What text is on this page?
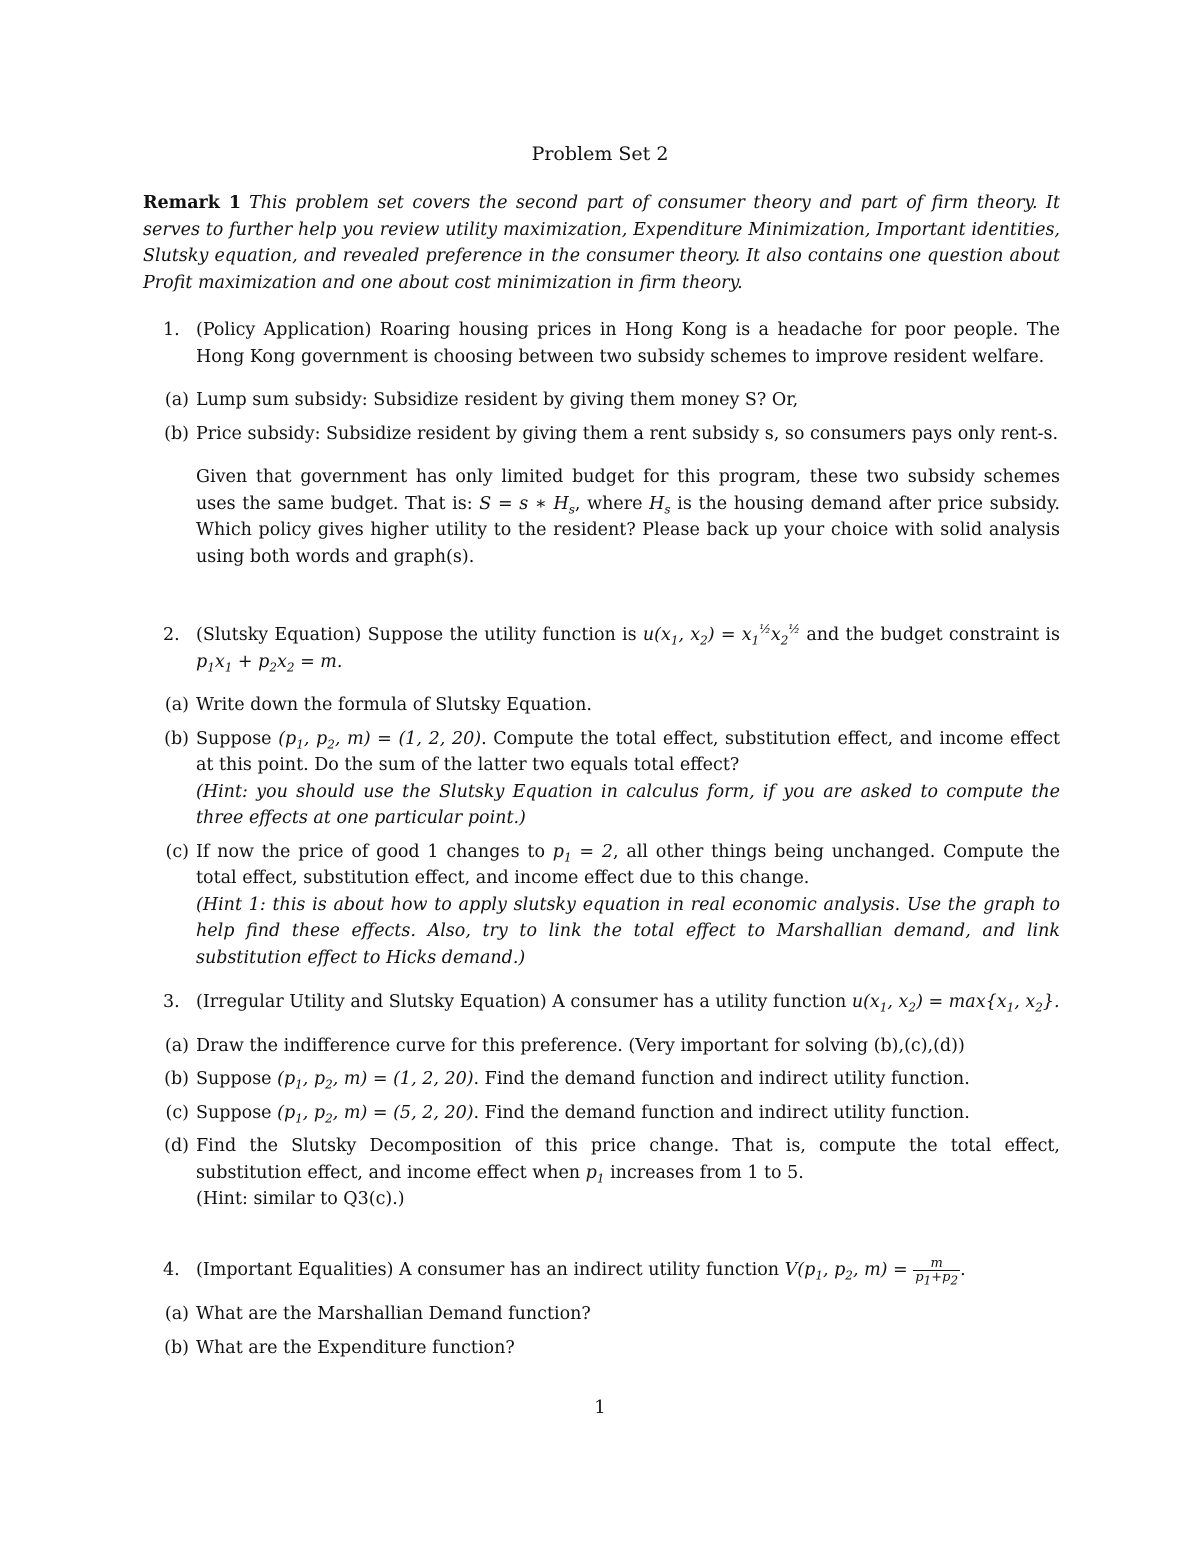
Problem Set 2
Remark 1 This problem set covers the second part of consumer theory and part of firm theory. It serves to further help you review utility maximization, Expenditure Minimization, Important identities, Slutsky equation, and revealed preference in the consumer theory. It also contains one question about Profit maximization and one about cost minimization in firm theory.
1. (Policy Application) Roaring housing prices in Hong Kong is a headache for poor people. The Hong Kong government is choosing between two subsidy schemes to improve resident welfare.
(a) Lump sum subsidy: Subsidize resident by giving them money S? Or,
(b) Price subsidy: Subsidize resident by giving them a rent subsidy s, so consumers pays only rent-s.
Given that government has only limited budget for this program, these two subsidy schemes uses the same budget. That is: S = s ∗ $H_s$, where $H_s$ is the housing demand after price subsidy. Which policy gives higher utility to the resident? Please back up your choice with solid analysis using both words and graph(s).
2. (Slutsky Equation) Suppose the utility function is $u(x_1$, $x_2) = x_1^{\frac{1}{2}}x_2^{\frac{1}{2}}$ and the budget constraint is $p_1x_1 + p_2x_2 = m$.
(a) Write down the formula of Slutsky Equation.
(b) Suppose ($p_1$, $p_2$, m) = (1, 2, 20). Compute the total effect, substitution effect, and income effect at this point. Do the sum of the latter two equals total effect?
(Hint: you should use the Slutsky Equation in calculus form, if you are asked to compute the three effects at one particular point.)
(c) If now the price of good 1 changes to $p_1 = 2$, all other things being unchanged. Compute the total effect, substitution effect, and income effect due to this change.
(Hint 1: this is about how to apply slutsky equation in real economic analysis. Use the graph to help find these effects. Also, try to link the total effect to Marshallian demand, and link substitution effect to Hicks demand.)
3. (Irregular Utility and Slutsky Equation) A consumer has a utility function $u(x_1$, $x_2) = \max\{x_1$, $x_2$}.
(a) Draw the indifference curve for this preference. (Very important for solving (b),(c),(d))
(b) Suppose ($p_1$, $p_2$, m) = (1, 2, 20). Find the demand function and indirect utility function.
(c) Suppose ($p_1$, $p_2$, m) = (5, 2, 20). Find the demand function and indirect utility function.
(d) Find the Slutsky Decomposition of this price change. That is, compute the total effect, substitution effect, and income effect when $p_1$ increases from 1 to 5.
(Hint: similar to Q3(c).)
4. (Important Equalities) A consumer has an indirect utility function $V(p_1$, $p_2$, $m) = \frac{m}{p_1+p_2}$ .
(a) What are the Marshallian Demand function?
(b) What are the Expenditure function?
1
